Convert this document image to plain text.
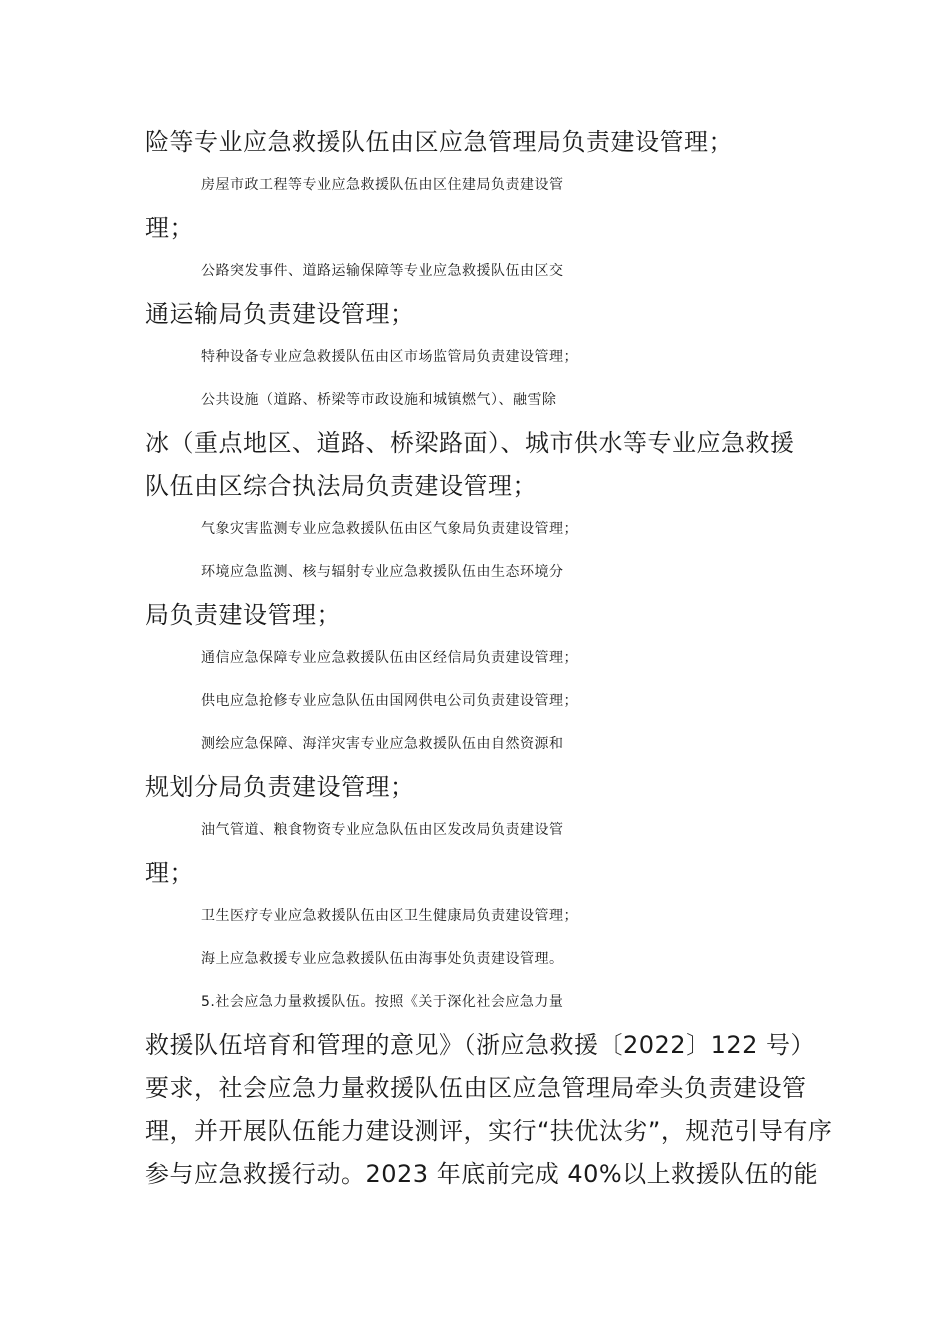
险等专业应急救援队伍由区应急管理局负责建设管理；
房屋市政工程等专业应急救援队伍由区住建局负责建设管
理；
公路突发事件、道路运输保障等专业应急救援队伍由区交
通运输局负责建设管理；
特种设备专业应急救援队伍由区市场监管局负责建设管理；
公共设施（道路、桥梁等市政设施和城镇燃气）、融雪除
冰（重点地区、道路、桥梁路面）、城市供水等专业应急救援
队伍由区综合执法局负责建设管理；
气象灾害监测专业应急救援队伍由区气象局负责建设管理；
环境应急监测、核与辐射专业应急救援队伍由生态环境分
局负责建设管理；
通信应急保障专业应急救援队伍由区经信局负责建设管理；
供电应急抢修专业应急队伍由国网供电公司负责建设管理；
测绘应急保障、海洋灾害专业应急救援队伍由自然资源和
规划分局负责建设管理；
油气管道、粮食物资专业应急队伍由区发改局负责建设管
理；
卫生医疗专业应急救援队伍由区卫生健康局负责建设管理；
海上应急救援专业应急救援队伍由海事处负责建设管理。
5.社会应急力量救援队伍。按照《关于深化社会应急力量
救援队伍培育和管理的意见》（浙应急救援〔2022〕122 号）
要求，社会应急力量救援队伍由区应急管理局牵头负责建设管
理，并开展队伍能力建设测评，实行“扶优汰劣”，规范引导有序
参与应急救援行动。2023 年底前完成 40%以上救援队伍的能
